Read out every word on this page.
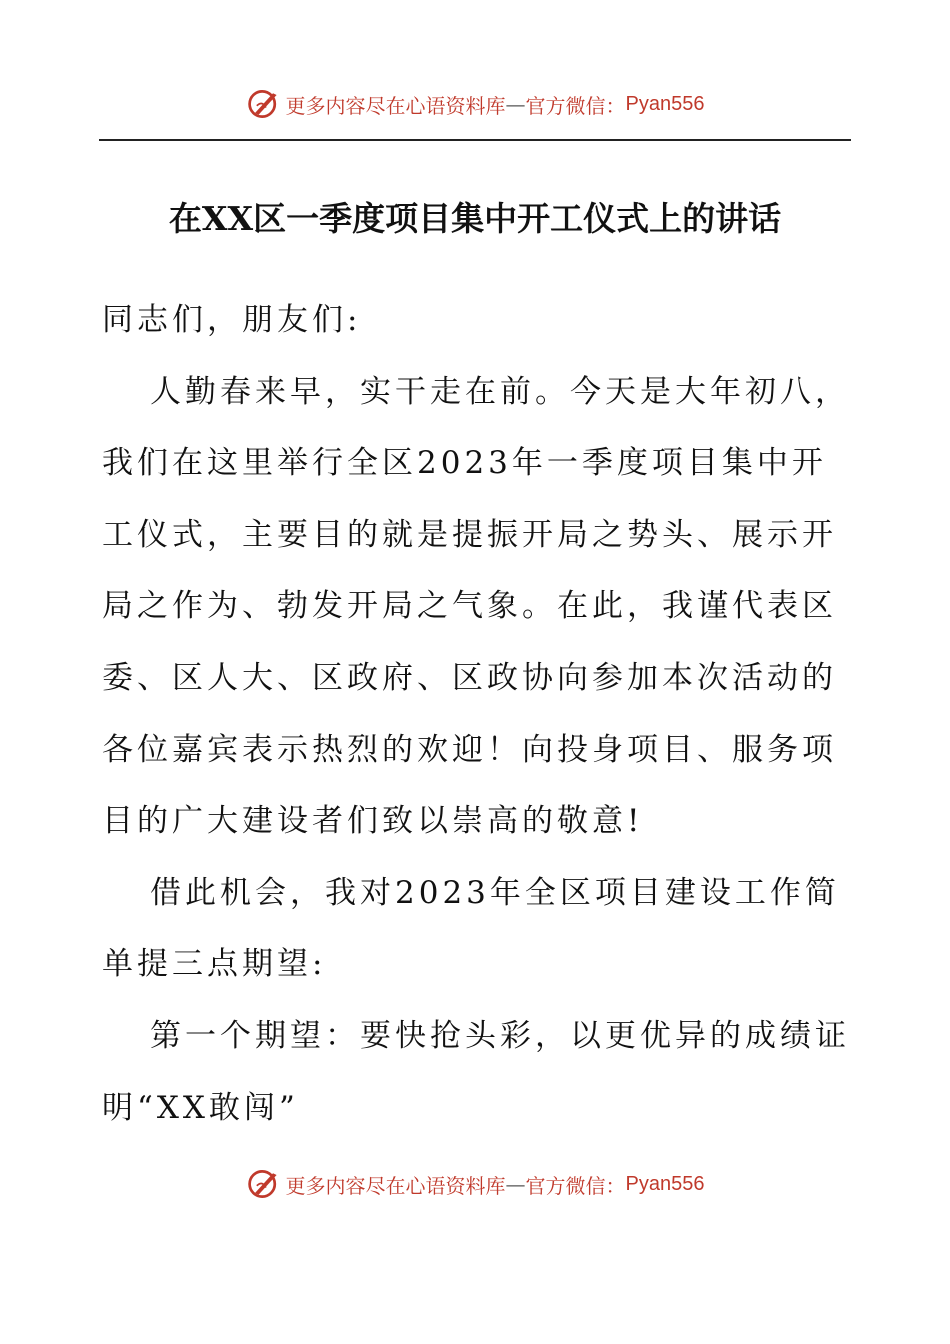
更多内容尽在心语资料库 — 官方微信： Pyan556
在XX区一季度项目集中开工仪式上的讲话

同志们，朋友们:

人勤春来早，实干走在前。今天是大年初八，我们在这里举行全区2023年一季度项目集中开工仪式，主要目的就是提振开局之势头、展示开局之作为、勃发开局之气象。在此，我谨代表区委、区人大、区政府、区政协向参加本次活动的各位嘉宾表示热烈的欢迎！向投身项目、服务项目的广大建设者们致以崇高的敬意!

借此机会，我对2023年全区项目建设工作简单提三点期望:

第一个期望：要快抢头彩，以更优异的成绩证明“XX敢闯”

更多内容尽在心语资料库 — 官方微信： Pyan556
